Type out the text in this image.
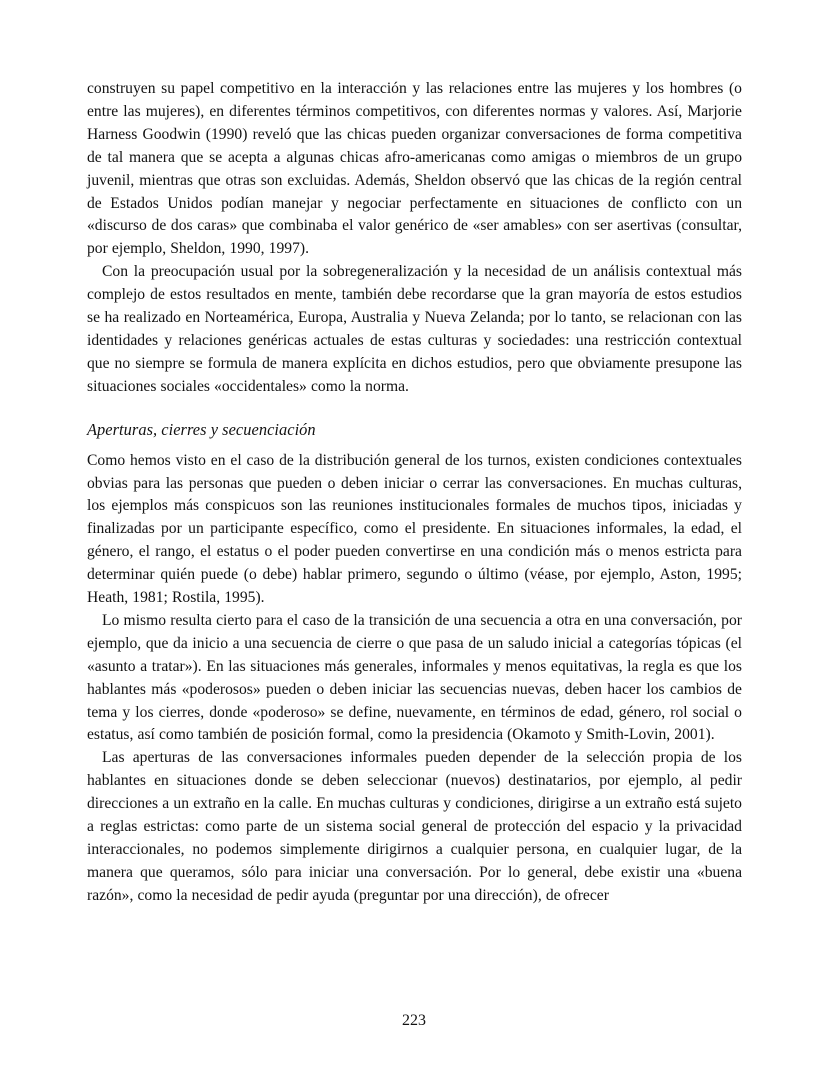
construyen su papel competitivo en la interacción y las relaciones entre las mujeres y los hombres (o entre las mujeres), en diferentes términos competitivos, con diferentes normas y valores. Así, Marjorie Harness Goodwin (1990) reveló que las chicas pueden organizar conversaciones de forma competitiva de tal manera que se acepta a algunas chicas afro-americanas como amigas o miembros de un grupo juvenil, mientras que otras son excluidas. Además, Sheldon observó que las chicas de la región central de Estados Unidos podían manejar y negociar perfectamente en situaciones de conflicto con un «discurso de dos caras» que combinaba el valor genérico de «ser amables» con ser asertivas (consultar, por ejemplo, Sheldon, 1990, 1997).

Con la preocupación usual por la sobregeneralización y la necesidad de un análisis contextual más complejo de estos resultados en mente, también debe recordarse que la gran mayoría de estos estudios se ha realizado en Norteamérica, Europa, Australia y Nueva Zelanda; por lo tanto, se relacionan con las identidades y relaciones genéricas actuales de estas culturas y sociedades: una restricción contextual que no siempre se formula de manera explícita en dichos estudios, pero que obviamente presupone las situaciones sociales «occidentales» como la norma.

Aperturas, cierres y secuenciación

Como hemos visto en el caso de la distribución general de los turnos, existen condiciones contextuales obvias para las personas que pueden o deben iniciar o cerrar las conversaciones. En muchas culturas, los ejemplos más conspicuos son las reuniones institucionales formales de muchos tipos, iniciadas y finalizadas por un participante específico, como el presidente. En situaciones informales, la edad, el género, el rango, el estatus o el poder pueden convertirse en una condición más o menos estricta para determinar quién puede (o debe) hablar primero, segundo o último (véase, por ejemplo, Aston, 1995; Heath, 1981; Rostila, 1995).

Lo mismo resulta cierto para el caso de la transición de una secuencia a otra en una conversación, por ejemplo, que da inicio a una secuencia de cierre o que pasa de un saludo inicial a categorías tópicas (el «asunto a tratar»). En las situaciones más generales, informales y menos equitativas, la regla es que los hablantes más «poderosos» pueden o deben iniciar las secuencias nuevas, deben hacer los cambios de tema y los cierres, donde «poderoso» se define, nuevamente, en términos de edad, género, rol social o estatus, así como también de posición formal, como la presidencia (Okamoto y Smith-Lovin, 2001).

Las aperturas de las conversaciones informales pueden depender de la selección propia de los hablantes en situaciones donde se deben seleccionar (nuevos) destinatarios, por ejemplo, al pedir direcciones a un extraño en la calle. En muchas culturas y condiciones, dirigirse a un extraño está sujeto a reglas estrictas: como parte de un sistema social general de protección del espacio y la privacidad interaccionales, no podemos simplemente dirigirnos a cualquier persona, en cualquier lugar, de la manera que queramos, sólo para iniciar una conversación. Por lo general, debe existir una «buena razón», como la necesidad de pedir ayuda (preguntar por una dirección), de ofrecer

223
